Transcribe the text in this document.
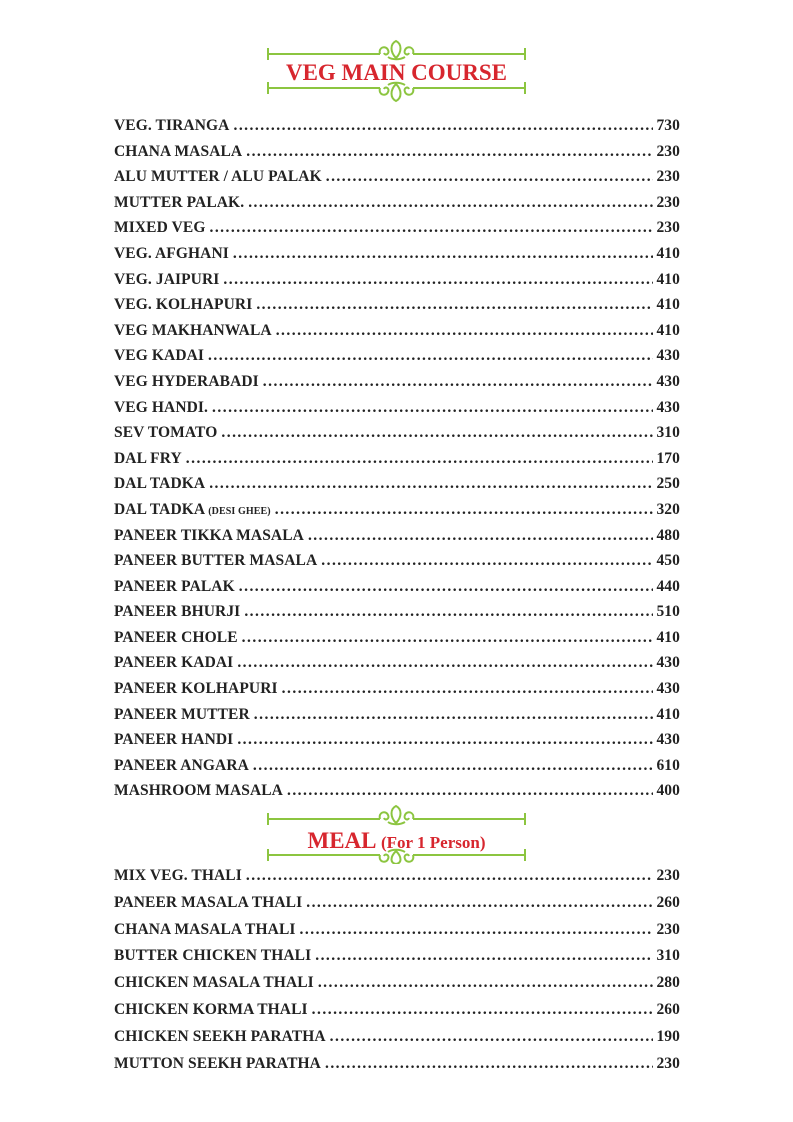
VEG MAIN COURSE
VEG. TIRANGA . . .	730
CHANA MASALA . . .	230
ALU MUTTER / ALU PALAK . . .	230
MUTTER PALAK. . . .	230
MIXED VEG . . .	230
VEG. AFGHANI . . .	410
VEG. JAIPURI . . .	410
VEG. KOLHAPURI . . .	410
VEG MAKHANWALA . . .	410
VEG KADAI . . .	430
VEG HYDERABADI . . .	430
VEG HANDI. . . .	430
SEV TOMATO . . .	310
DAL FRY . . .	170
DAL TADKA . . .	250
DAL TADKA (DESI GHEE) . . .	320
PANEER TIKKA MASALA . . .	480
PANEER BUTTER MASALA . . .	450
PANEER PALAK . . .	440
PANEER BHURJI . . .	510
PANEER CHOLE . . .	410
PANEER KADAI . . .	430
PANEER KOLHAPURI . . .	430
PANEER MUTTER . . .	410
PANEER HANDI . . .	430
PANEER ANGARA . . .	610
MASHROOM MASALA . . .	400
MEAL (For 1 Person)
MIX VEG. THALI . . .	230
PANEER MASALA THALI . . .	260
CHANA MASALA THALI . . .	230
BUTTER CHICKEN THALI . . .	310
CHICKEN MASALA THALI . . .	280
CHICKEN KORMA THALI . . .	260
CHICKEN SEEKH PARATHA . . .	190
MUTTON SEEKH PARATHA . . .	230
